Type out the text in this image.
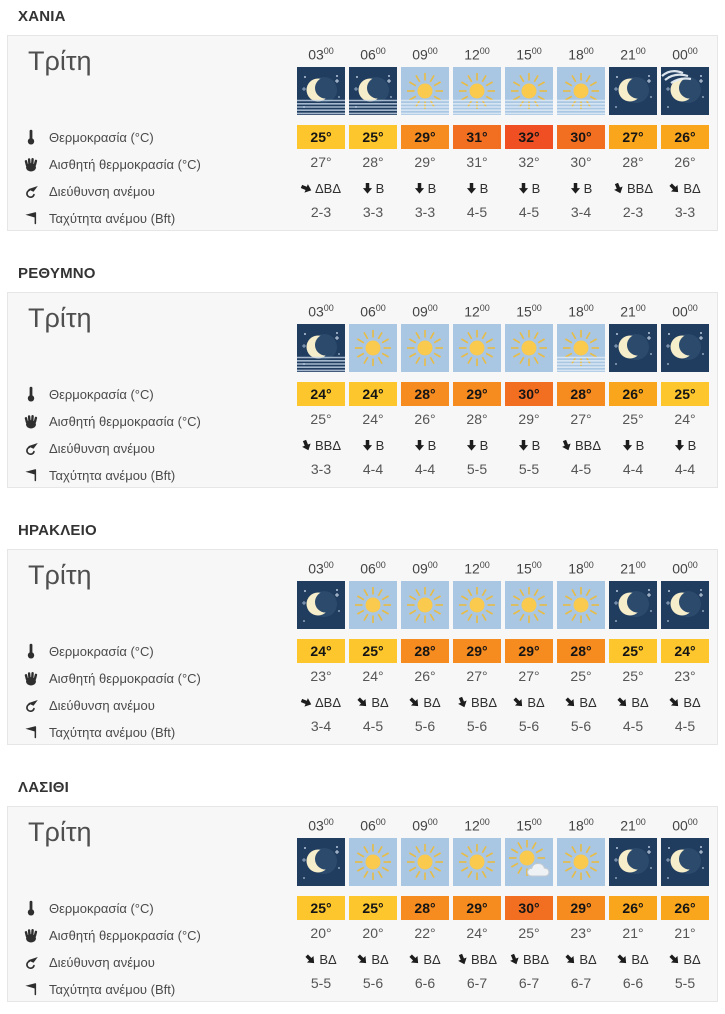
ΧΑΝΙΑ
Τρίτη
Θερμοκρασία (°C)
Αισθητή θερμοκρασία (°C)
Διεύθυνση ανέμου
Ταχύτητα ανέμου (Bft)
$03^{00}$
25°
27°
ΔΒΔ
2-3
$06^{00}$
25°
28°
Β
3-3
$09^{00}$
29°
29°
Β
3-3
$12^{00}$
31°
31°
Β
4-5
$15^{00}$
32°
32°
Β
4-5
$18^{00}$
30°
30°
Β
3-4
$21^{00}$
27°
28°
ΒΒΔ
2-3
$00^{00}$
26°
26°
ΒΔ
3-3
ΡΕΘΥΜΝΟ
Τρίτη
Θερμοκρασία (°C)
Αισθητή θερμοκρασία (°C)
Διεύθυνση ανέμου
Ταχύτητα ανέμου (Bft)
$03^{00}$
24°
25°
ΒΒΔ
3-3
$06^{00}$
24°
24°
Β
4-4
$09^{00}$
28°
26°
Β
4-4
$12^{00}$
29°
28°
Β
5-5
$15^{00}$
30°
29°
Β
5-5
$18^{00}$
28°
27°
ΒΒΔ
4-5
$21^{00}$
26°
25°
Β
4-4
$00^{00}$
25°
24°
Β
4-4
ΗΡΑΚΛΕΙΟ
Τρίτη
Θερμοκρασία (°C)
Αισθητή θερμοκρασία (°C)
Διεύθυνση ανέμου
Ταχύτητα ανέμου (Bft)
$03^{00}$
24°
23°
ΔΒΔ
3-4
$06^{00}$
25°
24°
ΒΔ
4-5
$09^{00}$
28°
26°
ΒΔ
5-6
$12^{00}$
29°
27°
ΒΒΔ
5-6
$15^{00}$
29°
27°
ΒΔ
5-6
$18^{00}$
28°
25°
ΒΔ
5-6
$21^{00}$
25°
25°
ΒΔ
4-5
$00^{00}$
24°
23°
ΒΔ
4-5
ΛΑΣΙΘΙ
Τρίτη
Θερμοκρασία (°C)
Αισθητή θερμοκρασία (°C)
Διεύθυνση ανέμου
Ταχύτητα ανέμου (Bft)
$03^{00}$
25°
20°
ΒΔ
5-5
$06^{00}$
25°
20°
ΒΔ
5-6
$09^{00}$
28°
22°
ΒΔ
6-6
$12^{00}$
29°
24°
ΒΒΔ
6-7
$15^{00}$
30°
25°
ΒΒΔ
6-7
$18^{00}$
29°
23°
ΒΔ
6-7
$21^{00}$
26°
21°
ΒΔ
6-6
$00^{00}$
26°
21°
ΒΔ
5-5
